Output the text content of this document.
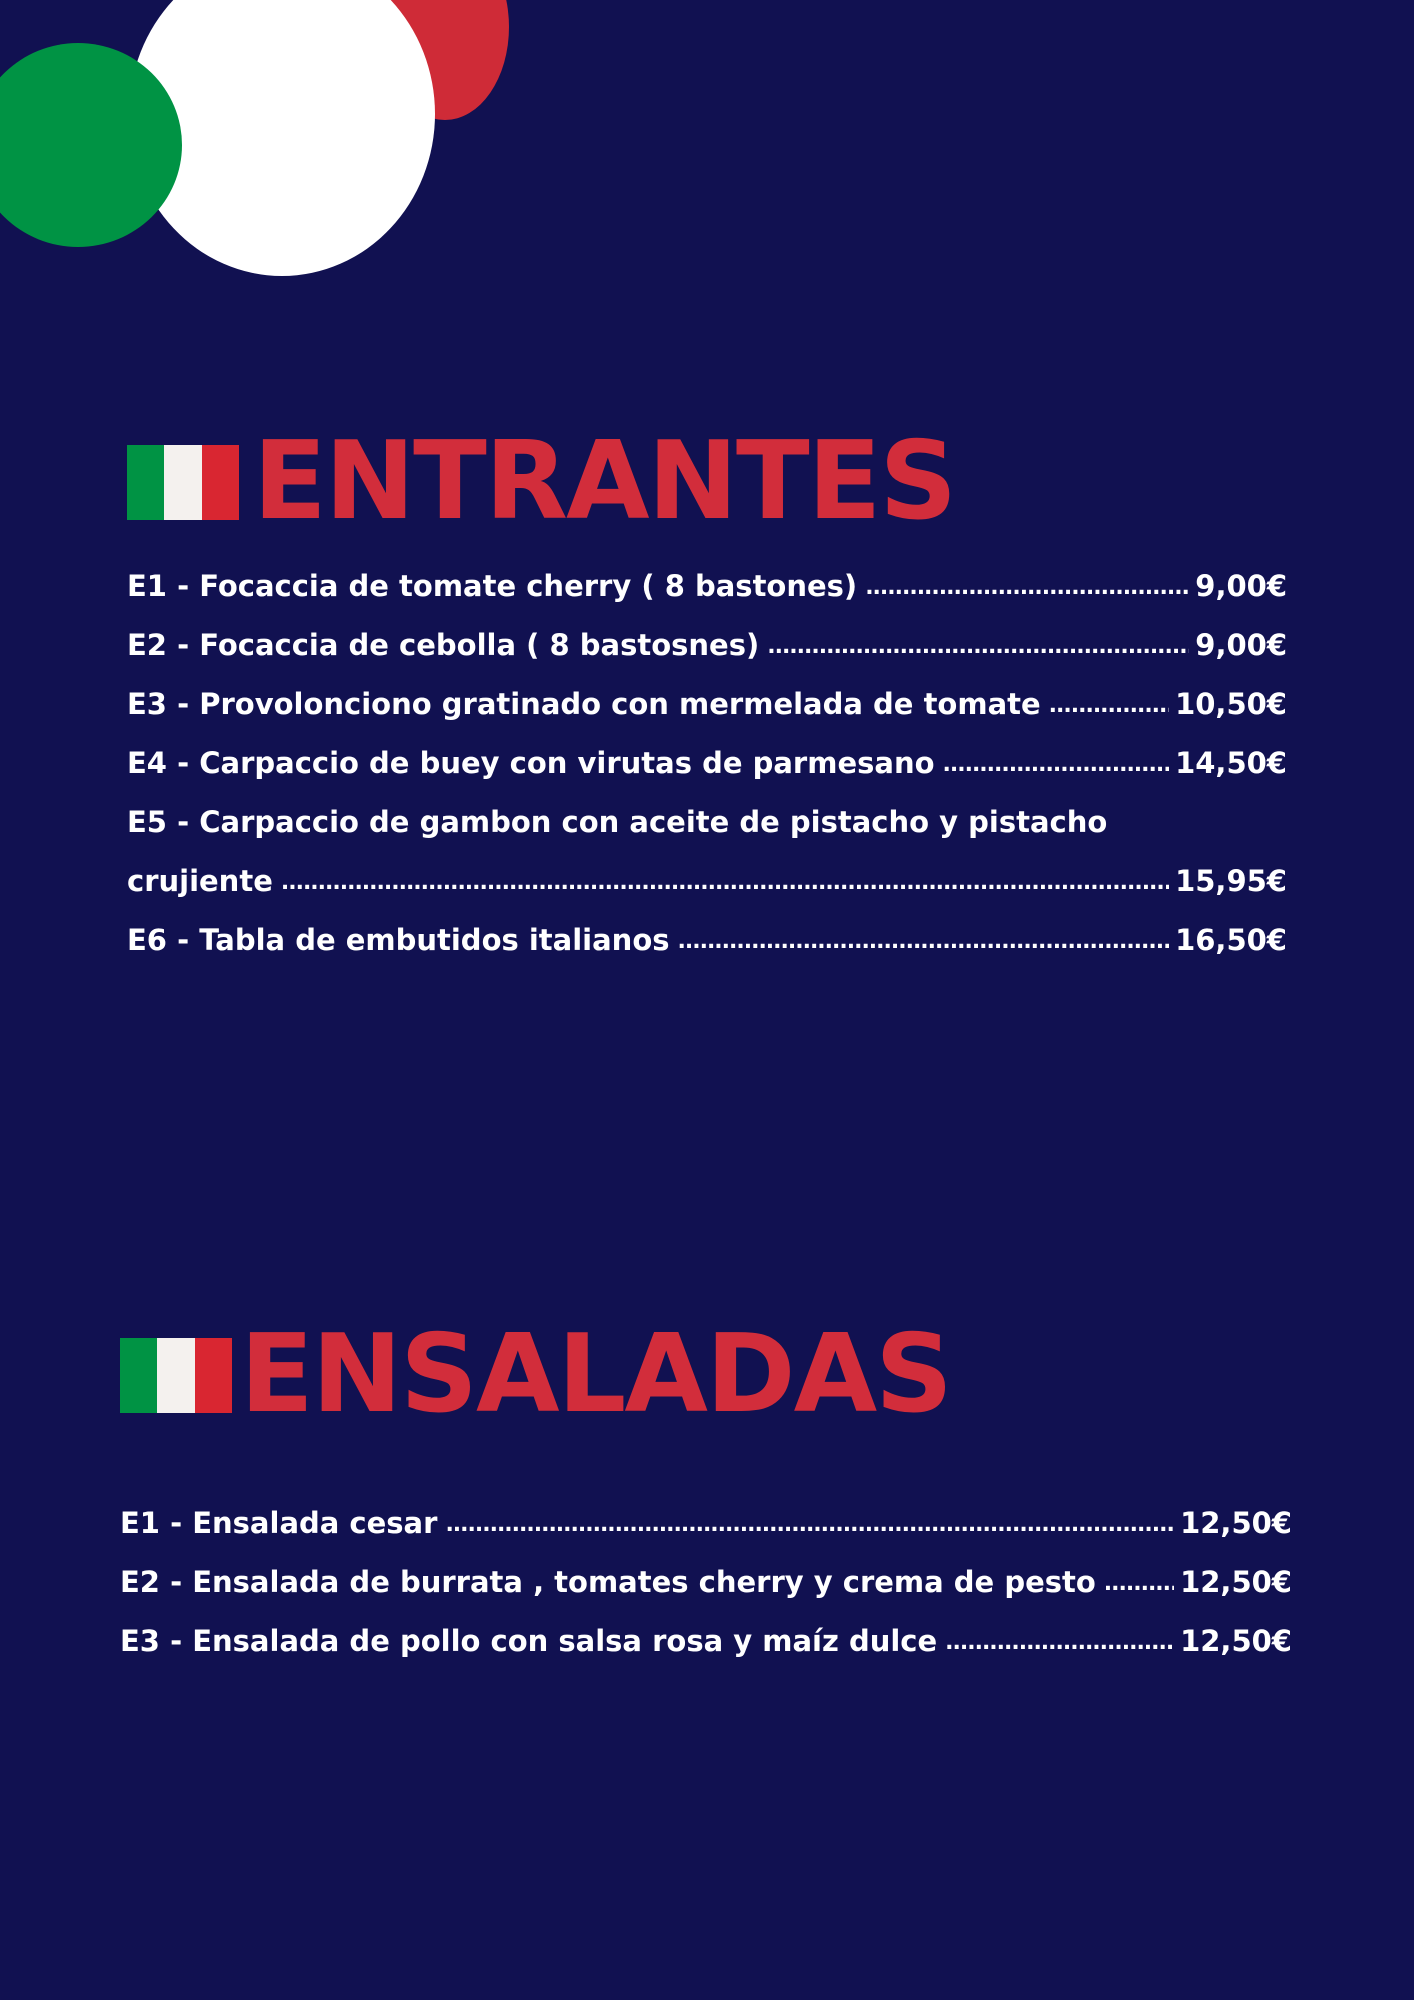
ENTRANTES
E1 - Focaccia de tomate cherry ( 8 bastones) .....	9,00€
E2 - Focaccia de cebolla ( 8 bastosnes) .....	9,00€
E3 - Provolonciono gratinado con mermelada de tomate .....	10,50€
E4 - Carpaccio de buey con virutas de parmesano .....	14,50€
E5 - Carpaccio de gambon con aceite de pistacho y pistacho
crujiente .....	15,95€
E6 - Tabla de embutidos italianos .....	16,50€
ENSALADAS
E1 - Ensalada cesar .....	12,50€
E2 - Ensalada de burrata , tomates cherry y crema de pesto .....	12,50€
E3 - Ensalada de pollo con salsa rosa y maíz dulce .....	12,50€
